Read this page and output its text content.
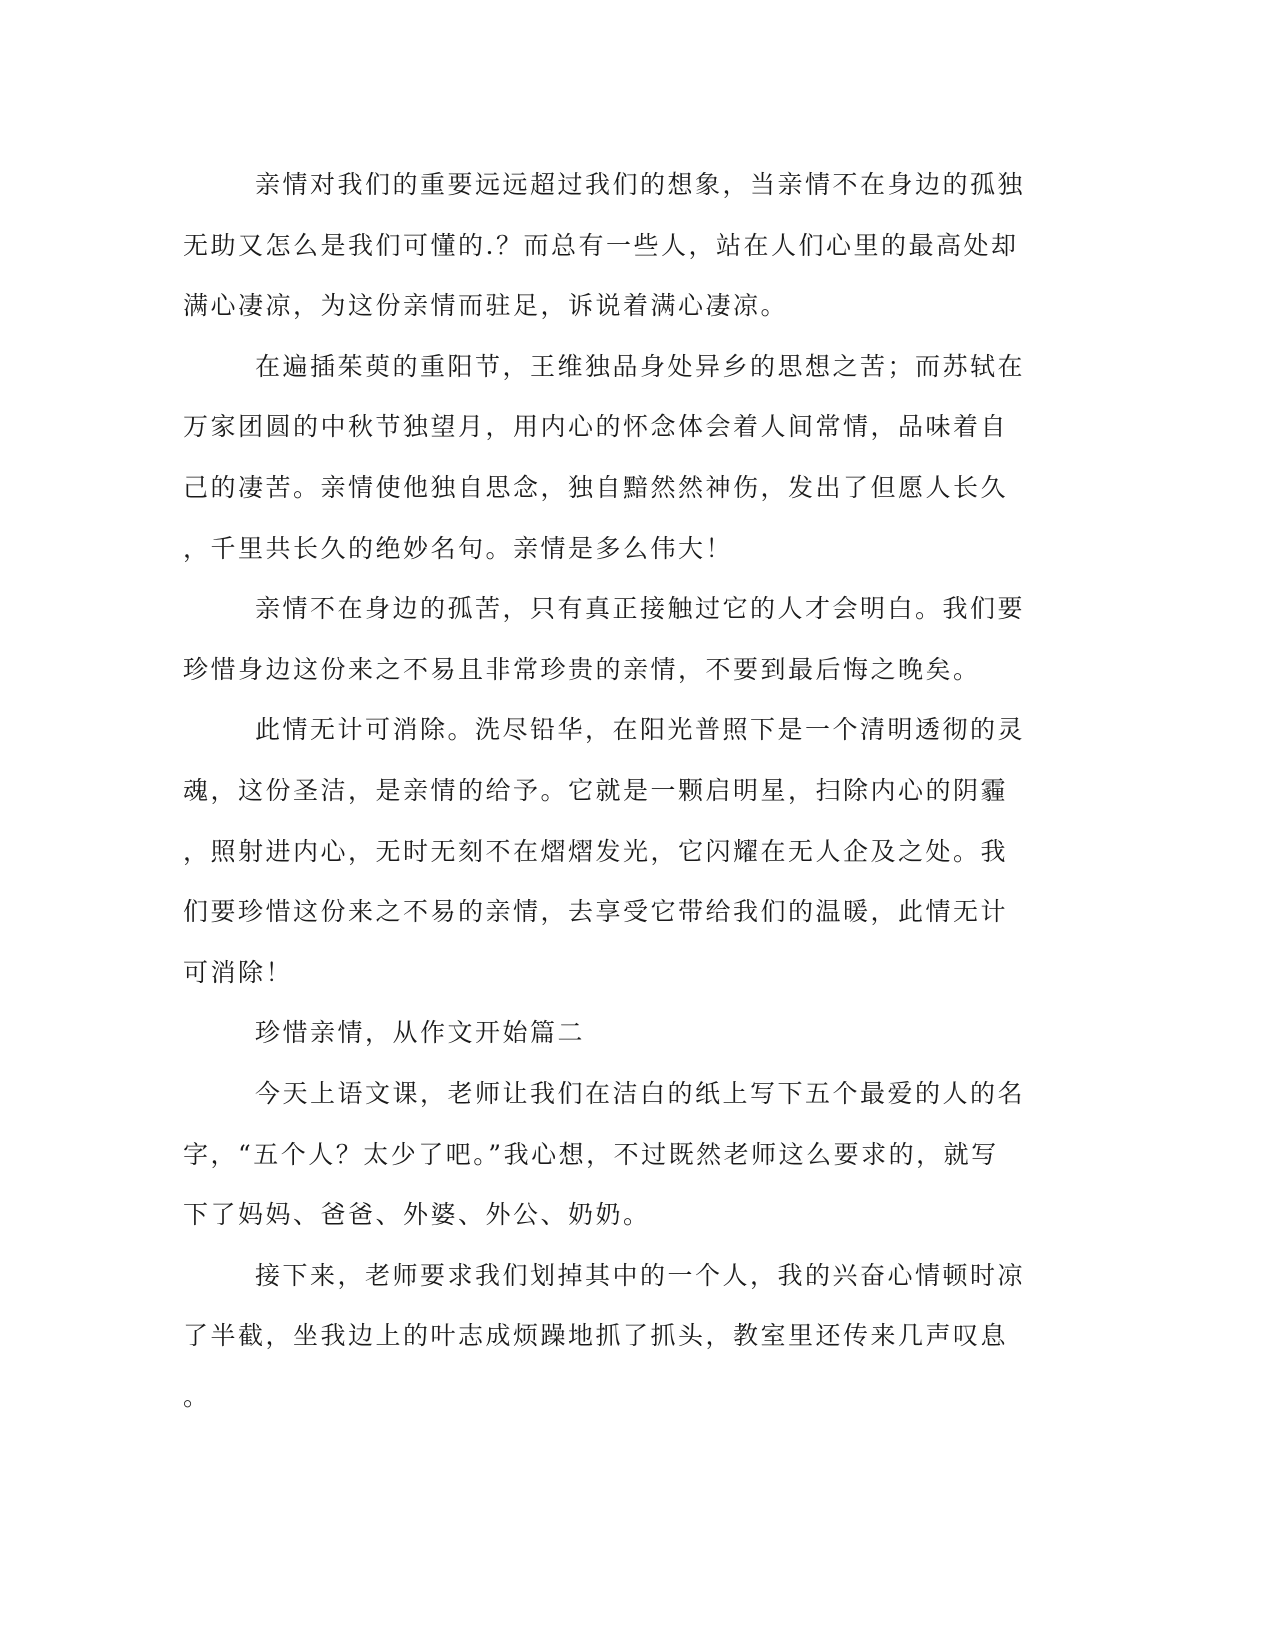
亲情对我们的重要远远超过我们的想象，当亲情不在身边的孤独
无助又怎么是我们可懂的.？而总有一些人，站在人们心里的最高处却
满心凄凉，为这份亲情而驻足，诉说着满心凄凉。
在遍插茱萸的重阳节，王维独品身处异乡的思想之苦；而苏轼在
万家团圆的中秋节独望月，用内心的怀念体会着人间常情，品味着自
己的凄苦。亲情使他独自思念，独自黯然然神伤，发出了但愿人长久
，千里共长久的绝妙名句。亲情是多么伟大！
亲情不在身边的孤苦，只有真正接触过它的人才会明白。我们要
珍惜身边这份来之不易且非常珍贵的亲情，不要到最后悔之晚矣。
此情无计可消除。洗尽铅华，在阳光普照下是一个清明透彻的灵
魂，这份圣洁，是亲情的给予。它就是一颗启明星，扫除内心的阴霾
，照射进内心，无时无刻不在熠熠发光，它闪耀在无人企及之处。我
们要珍惜这份来之不易的亲情，去享受它带给我们的温暖，此情无计
可消除！
珍惜亲情，从作文开始篇二
今天上语文课，老师让我们在洁白的纸上写下五个最爱的人的名
字，“五个人？太少了吧。”我心想，不过既然老师这么要求的，就写
下了妈妈、爸爸、外婆、外公、奶奶。
接下来，老师要求我们划掉其中的一个人，我的兴奋心情顿时凉
了半截，坐我边上的叶志成烦躁地抓了抓头，教室里还传来几声叹息
。
